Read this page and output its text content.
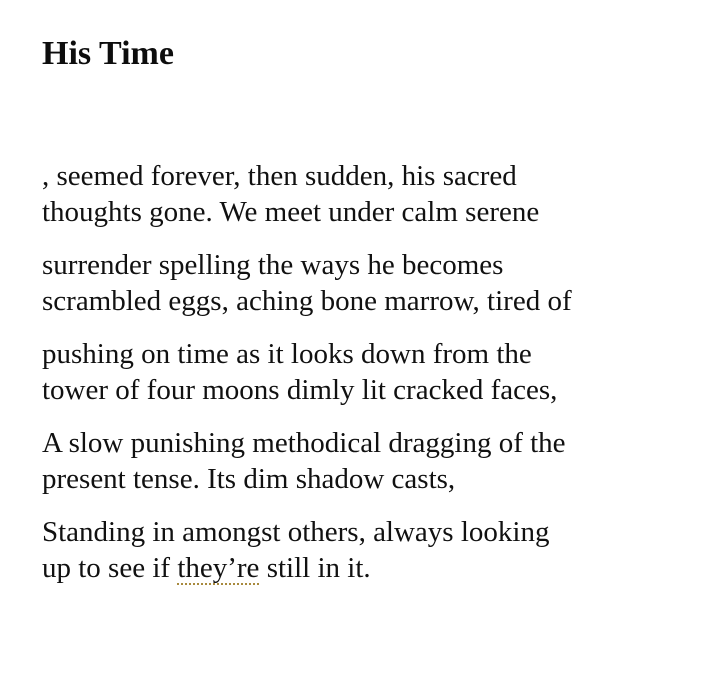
His Time

, seemed forever, then sudden, his sacred
thoughts gone. We meet under calm serene

surrender spelling the ways he becomes
scrambled eggs, aching bone marrow, tired of

pushing on time as it looks down from the
tower of four moons dimly lit cracked faces,

A slow punishing methodical dragging of the
present tense. Its dim shadow casts,

Standing in amongst others, always looking
up to see if they’re still in it.
